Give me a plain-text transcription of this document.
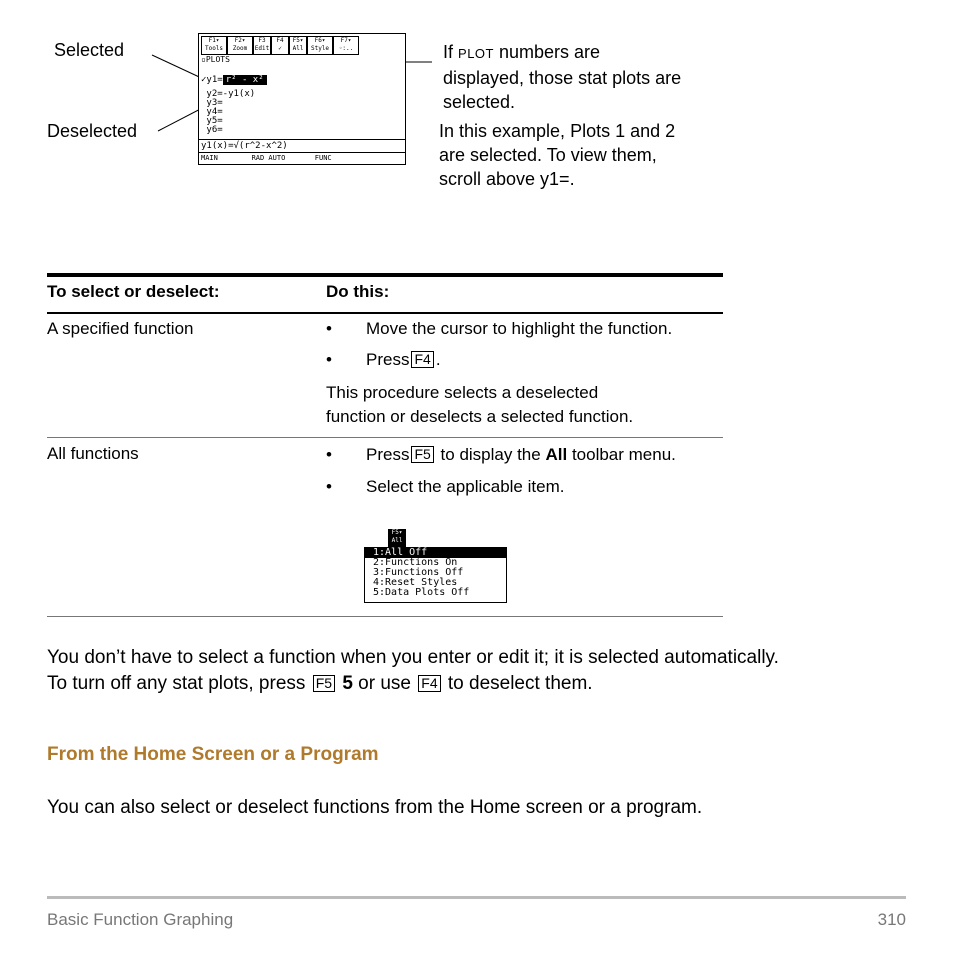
Selected
Deselected
F1▾
Tools
F2▾
Zoom
F3
Edit
F4
✓
F5▾
All
F6▾
Style
F7▾
◦:..
▫PLOTS
✓y1= r² - x²
y2=-y1(x)
y3=
y4=
y5=
y6=
y1(x)=√(r^2-x^2)
MAIN        RAD AUTO       FUNC

If PLOT numbers are

displayed, those stat plots are

selected.

In this example, Plots 1 and 2

are selected. To view them,

scroll above y1=.

To select or deselect:	Do this:
A specified function	• Move the cursor to highlight the function.
• Press F4 .
This procedure selects a deselected
function or deselects a selected function.
All functions	• Press F5 to display the All toolbar menu.
• Select the applicable item.
F5▾
All
1:All Off
2:Functions On
3:Functions Off
4:Reset Styles
5:Data Plots Off
You don’t have to select a function when you enter or edit it; it is selected automatically.
To turn off any stat plots, press F5 5 or use F4 to deselect them.
From the Home Screen or a Program
You can also select or deselect functions from the Home screen or a program.
Basic Function Graphing	310
